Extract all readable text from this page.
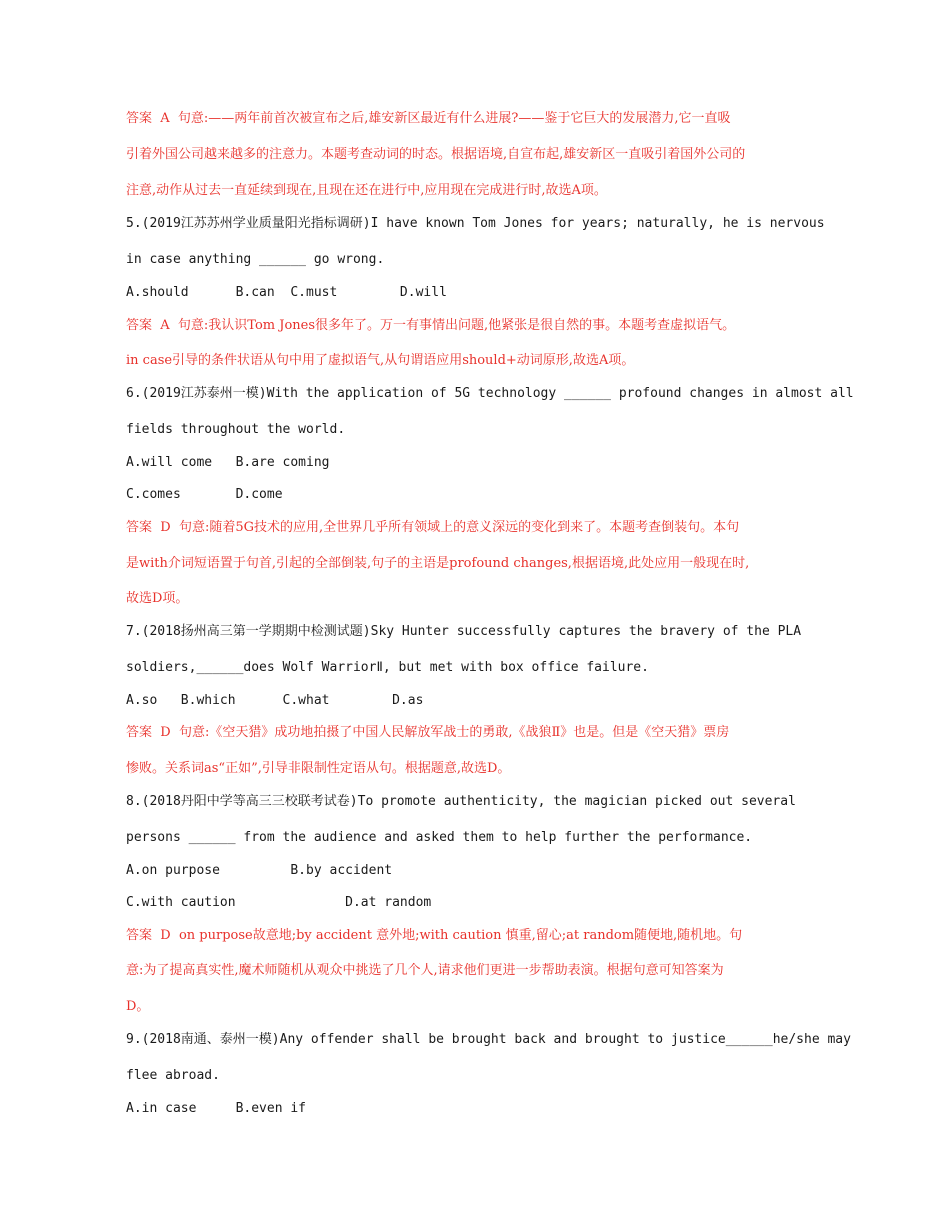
答案  A  句意:——两年前首次被宣布之后,雄安新区最近有什么进展?——鉴于它巨大的发展潜力,它一直吸
引着外国公司越来越多的注意力。本题考查动词的时态。根据语境,自宣布起,雄安新区一直吸引着国外公司的
注意,动作从过去一直延续到现在,且现在还在进行中,应用现在完成进行时,故选A项。
5.(2019江苏苏州学业质量阳光指标调研)I have known Tom Jones for years; naturally, he is nervous
in case anything ______ go wrong.
A.should      B.can  C.must        D.will
答案  A  句意:我认识Tom Jones很多年了。万一有事情出问题,他紧张是很自然的事。本题考查虚拟语气。
in case引导的条件状语从句中用了虚拟语气,从句谓语应用should+动词原形,故选A项。
6.(2019江苏泰州一模)With the application of 5G technology ______ profound changes in almost all
fields throughout the world.
A.will come   B.are coming
C.comes       D.come
答案  D  句意:随着5G技术的应用,全世界几乎所有领域上的意义深远的变化到来了。本题考查倒装句。本句
是with介词短语置于句首,引起的全部倒装,句子的主语是profound changes,根据语境,此处应用一般现在时,
故选D项。
7.(2018扬州高三第一学期期中检测试题)Sky Hunter successfully captures the bravery of the PLA
soldiers,______does Wolf WarriorⅡ, but met with box office failure.
A.so   B.which      C.what        D.as
答案  D  句意:《空天猎》成功地拍摄了中国人民解放军战士的勇敢,《战狼Ⅱ》也是。但是《空天猎》票房
惨败。关系词as“正如”,引导非限制性定语从句。根据题意,故选D。
8.(2018丹阳中学等高三三校联考试卷)To promote authenticity, the magician picked out several
persons ______ from the audience and asked them to help further the performance.
A.on purpose         B.by accident
C.with caution              D.at random
答案  D  on purpose故意地;by accident 意外地;with caution 慎重,留心;at random随便地,随机地。句
意:为了提高真实性,魔术师随机从观众中挑选了几个人,请求他们更进一步帮助表演。根据句意可知答案为
D。
9.(2018南通、泰州一模)Any offender shall be brought back and brought to justice______he/she may
flee abroad.
A.in case     B.even if
